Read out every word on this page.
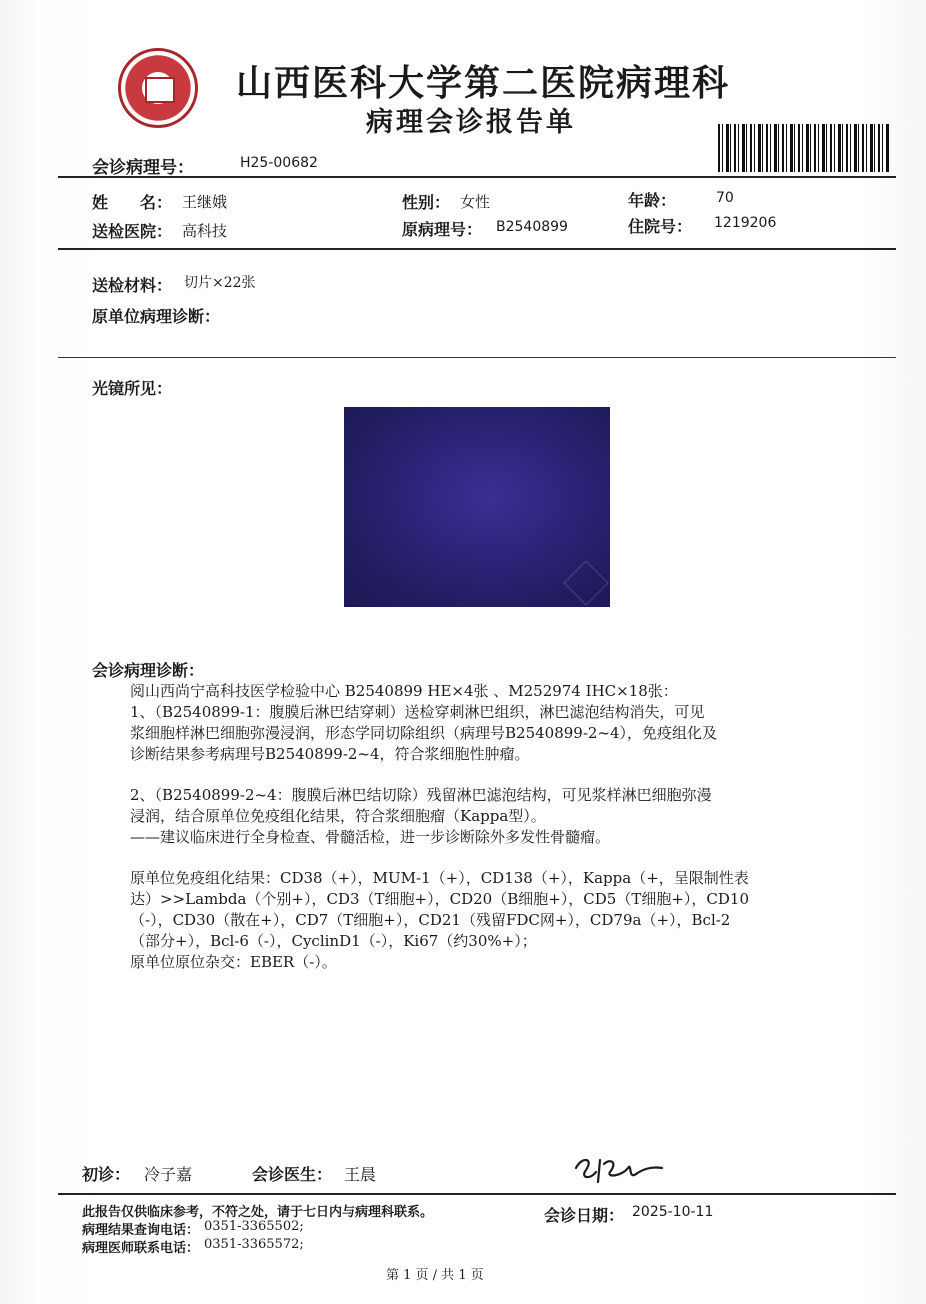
山西医科大学第二医院病理科
病理会诊报告单
会诊病理号：	H25-00682
姓　　名： 王继娥	性别： 女性	年龄：	70
送检医院： 高科技	原病理号： B2540899	住院号： 1219206
送检材料： 切片×22张
原单位病理诊断：
光镜所见：
会诊病理诊断：
阅山西尚宁高科技医学检验中心 B2540899 HE×4张 、M252974 IHC×18张：
1、（B2540899-1：腹膜后淋巴结穿刺）送检穿刺淋巴组织，淋巴滤泡结构消失，可见
浆细胞样淋巴细胞弥漫浸润，形态学同切除组织（病理号B2540899-2~4），免疫组化及
诊断结果参考病理号B2540899-2~4，符合浆细胞性肿瘤。
2、（B2540899-2~4：腹膜后淋巴结切除）残留淋巴滤泡结构，可见浆样淋巴细胞弥漫
浸润，结合原单位免疫组化结果，符合浆细胞瘤（Kappa型）。
——建议临床进行全身检查、骨髓活检，进一步诊断除外多发性骨髓瘤。
原单位免疫组化结果：CD38（+），MUM-1（+），CD138（+），Kappa（+，呈限制性表
达）>>Lambda（个别+），CD3（T细胞+），CD20（B细胞+），CD5（T细胞+），CD10
（-），CD30（散在+），CD7（T细胞+），CD21（残留FDC网+），CD79a（+），Bcl-2
（部分+），Bcl-6（-），CyclinD1（-），Ki67（约30%+）；
原单位原位杂交：EBER（-）。
初诊： 冷子嘉	会诊医生： 王晨
此报告仅供临床参考，不符之处，请于七日内与病理科联系。
病理结果查询电话： 0351-3365502;
病理医师联系电话： 0351-3365572;
会诊日期： 2025-10-11
第 1 页 / 共 1 页
